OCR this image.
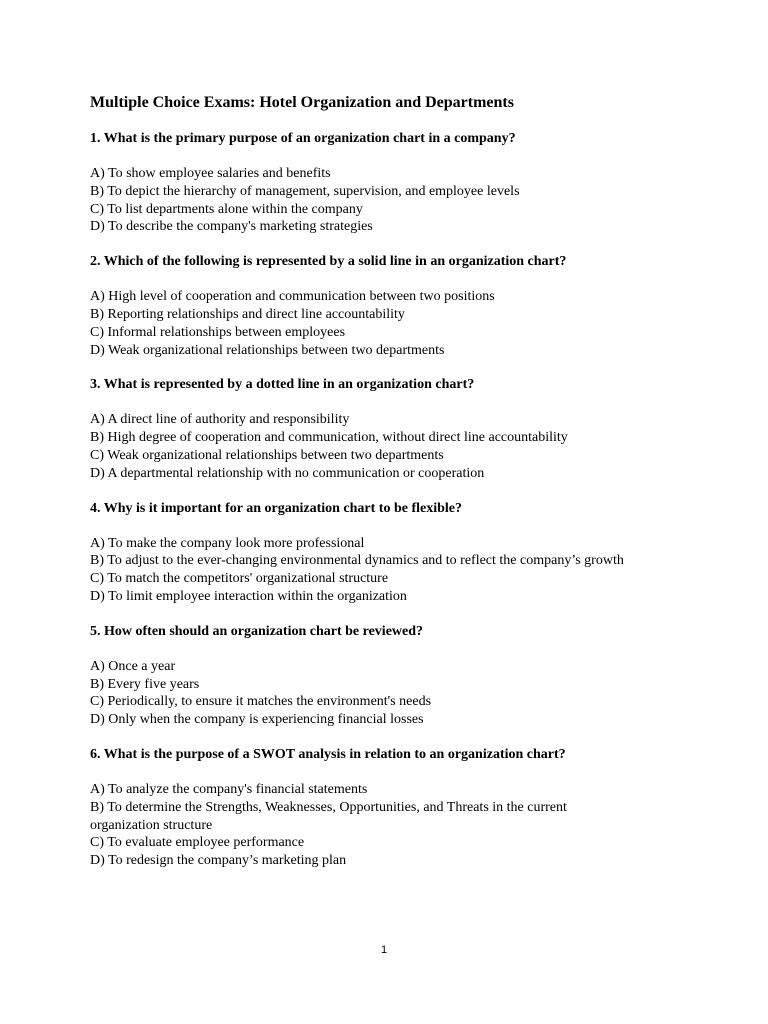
Multiple Choice Exams: Hotel Organization and Departments
1. What is the primary purpose of an organization chart in a company?
A) To show employee salaries and benefits
B) To depict the hierarchy of management, supervision, and employee levels
C) To list departments alone within the company
D) To describe the company's marketing strategies
2. Which of the following is represented by a solid line in an organization chart?
A) High level of cooperation and communication between two positions
B) Reporting relationships and direct line accountability
C) Informal relationships between employees
D) Weak organizational relationships between two departments
3. What is represented by a dotted line in an organization chart?
A) A direct line of authority and responsibility
B) High degree of cooperation and communication, without direct line accountability
C) Weak organizational relationships between two departments
D) A departmental relationship with no communication or cooperation
4. Why is it important for an organization chart to be flexible?
A) To make the company look more professional
B) To adjust to the ever-changing environmental dynamics and to reflect the company’s growth
C) To match the competitors' organizational structure
D) To limit employee interaction within the organization
5. How often should an organization chart be reviewed?
A) Once a year
B) Every five years
C) Periodically, to ensure it matches the environment's needs
D) Only when the company is experiencing financial losses
6. What is the purpose of a SWOT analysis in relation to an organization chart?
A) To analyze the company's financial statements
B) To determine the Strengths, Weaknesses, Opportunities, and Threats in the current organization structure
C) To evaluate employee performance
D) To redesign the company’s marketing plan
1
